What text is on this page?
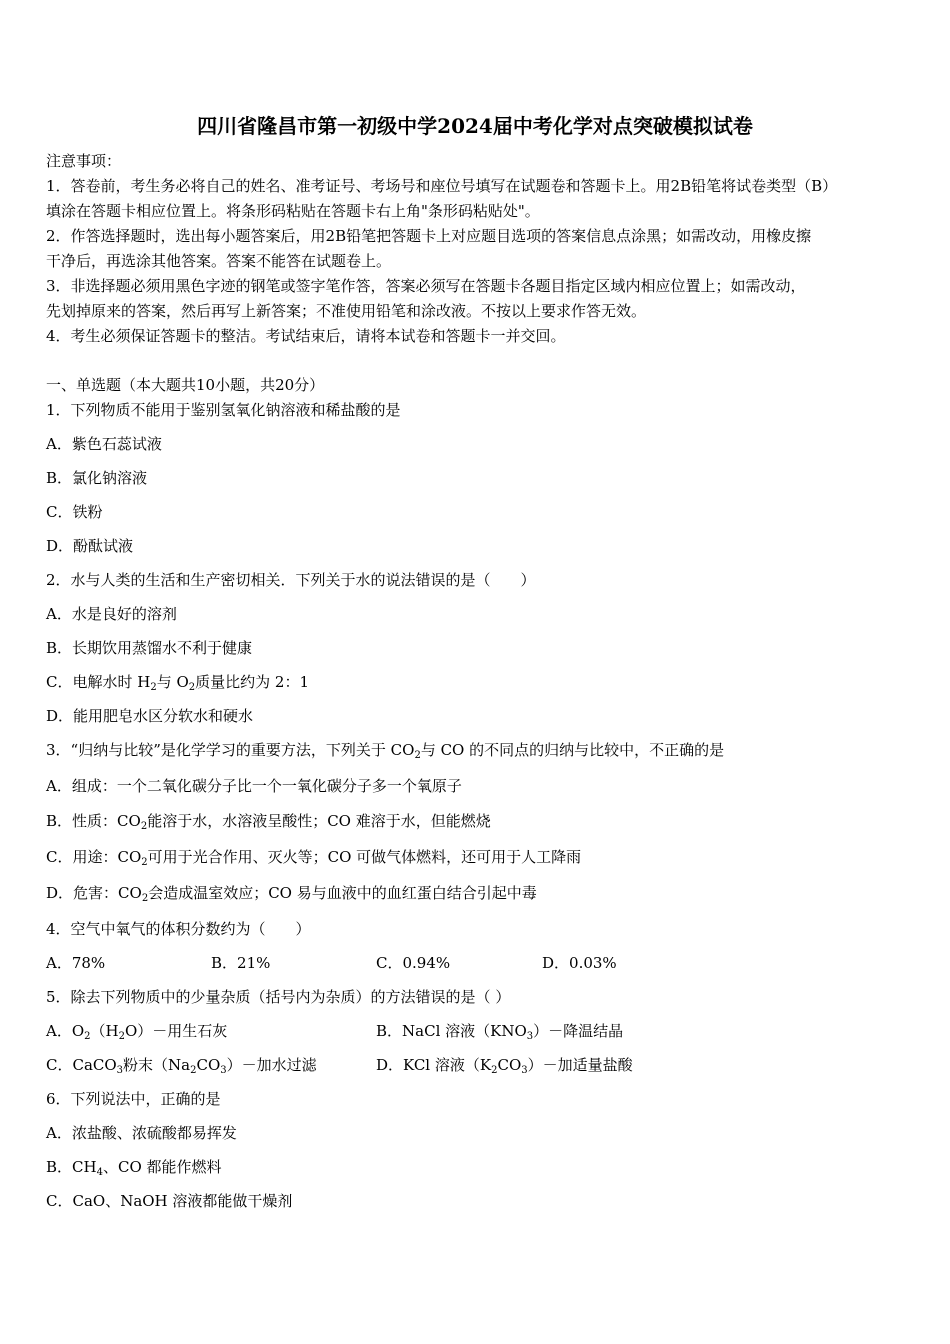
四川省隆昌市第一初级中学2024届中考化学对点突破模拟试卷
注意事项：
1．答卷前，考生务必将自己的姓名、准考证号、考场号和座位号填写在试题卷和答题卡上。用2B铅笔将试卷类型（B）
填涂在答题卡相应位置上。将条形码粘贴在答题卡右上角"条形码粘贴处"。
2．作答选择题时，选出每小题答案后，用2B铅笔把答题卡上对应题目选项的答案信息点涂黑；如需改动，用橡皮擦
干净后，再选涂其他答案。答案不能答在试题卷上。
3．非选择题必须用黑色字迹的钢笔或签字笔作答，答案必须写在答题卡各题目指定区域内相应位置上；如需改动，
先划掉原来的答案，然后再写上新答案；不准使用铅笔和涂改液。不按以上要求作答无效。
4．考生必须保证答题卡的整洁。考试结束后，请将本试卷和答题卡一并交回。
一、单选题（本大题共10小题，共20分）
1．下列物质不能用于鉴别氢氧化钠溶液和稀盐酸的是
A．紫色石蕊试液
B．氯化钠溶液
C．铁粉
D．酚酞试液
2．水与人类的生活和生产密切相关．下列关于水的说法错误的是（　　）
A．水是良好的溶剂
B．长期饮用蒸馏水不利于健康
C．电解水时 $H_2$与 $O_2$质量比约为 2：1
D．能用肥皂水区分软水和硬水
3．“归纳与比较”是化学学习的重要方法，下列关于 $CO_2$与 CO 的不同点的归纳与比较中，不正确的是
A．组成：一个二氧化碳分子比一个一氧化碳分子多一个氧原子
B．性质：$CO_2$能溶于水，水溶液呈酸性；CO 难溶于水，但能燃烧
C．用途：$CO_2$可用于光合作用、灭火等；CO 可做气体燃料，还可用于人工降雨
D．危害：$CO_2$会造成温室效应；CO 易与血液中的血红蛋白结合引起中毒
4．空气中氧气的体积分数约为（　　）
A．78%	B．21%	C．0.94%	D．0.03%
5．除去下列物质中的少量杂质（括号内为杂质）的方法错误的是（ ）
A．$O_2(H_2O)-$用生石灰	B．NaCl 溶液$(KNO_3)-$降温结晶
C．CaCO$_3$粉末$(Na_2CO_3)-$加水过滤	D．KCl 溶液$(K_2CO_3)-$加适量盐酸
6．下列说法中，正确的是
A．浓盐酸、浓硫酸都易挥发
B．$CH_4$、CO 都能作燃料
C．CaO、NaOH 溶液都能做干燥剂
